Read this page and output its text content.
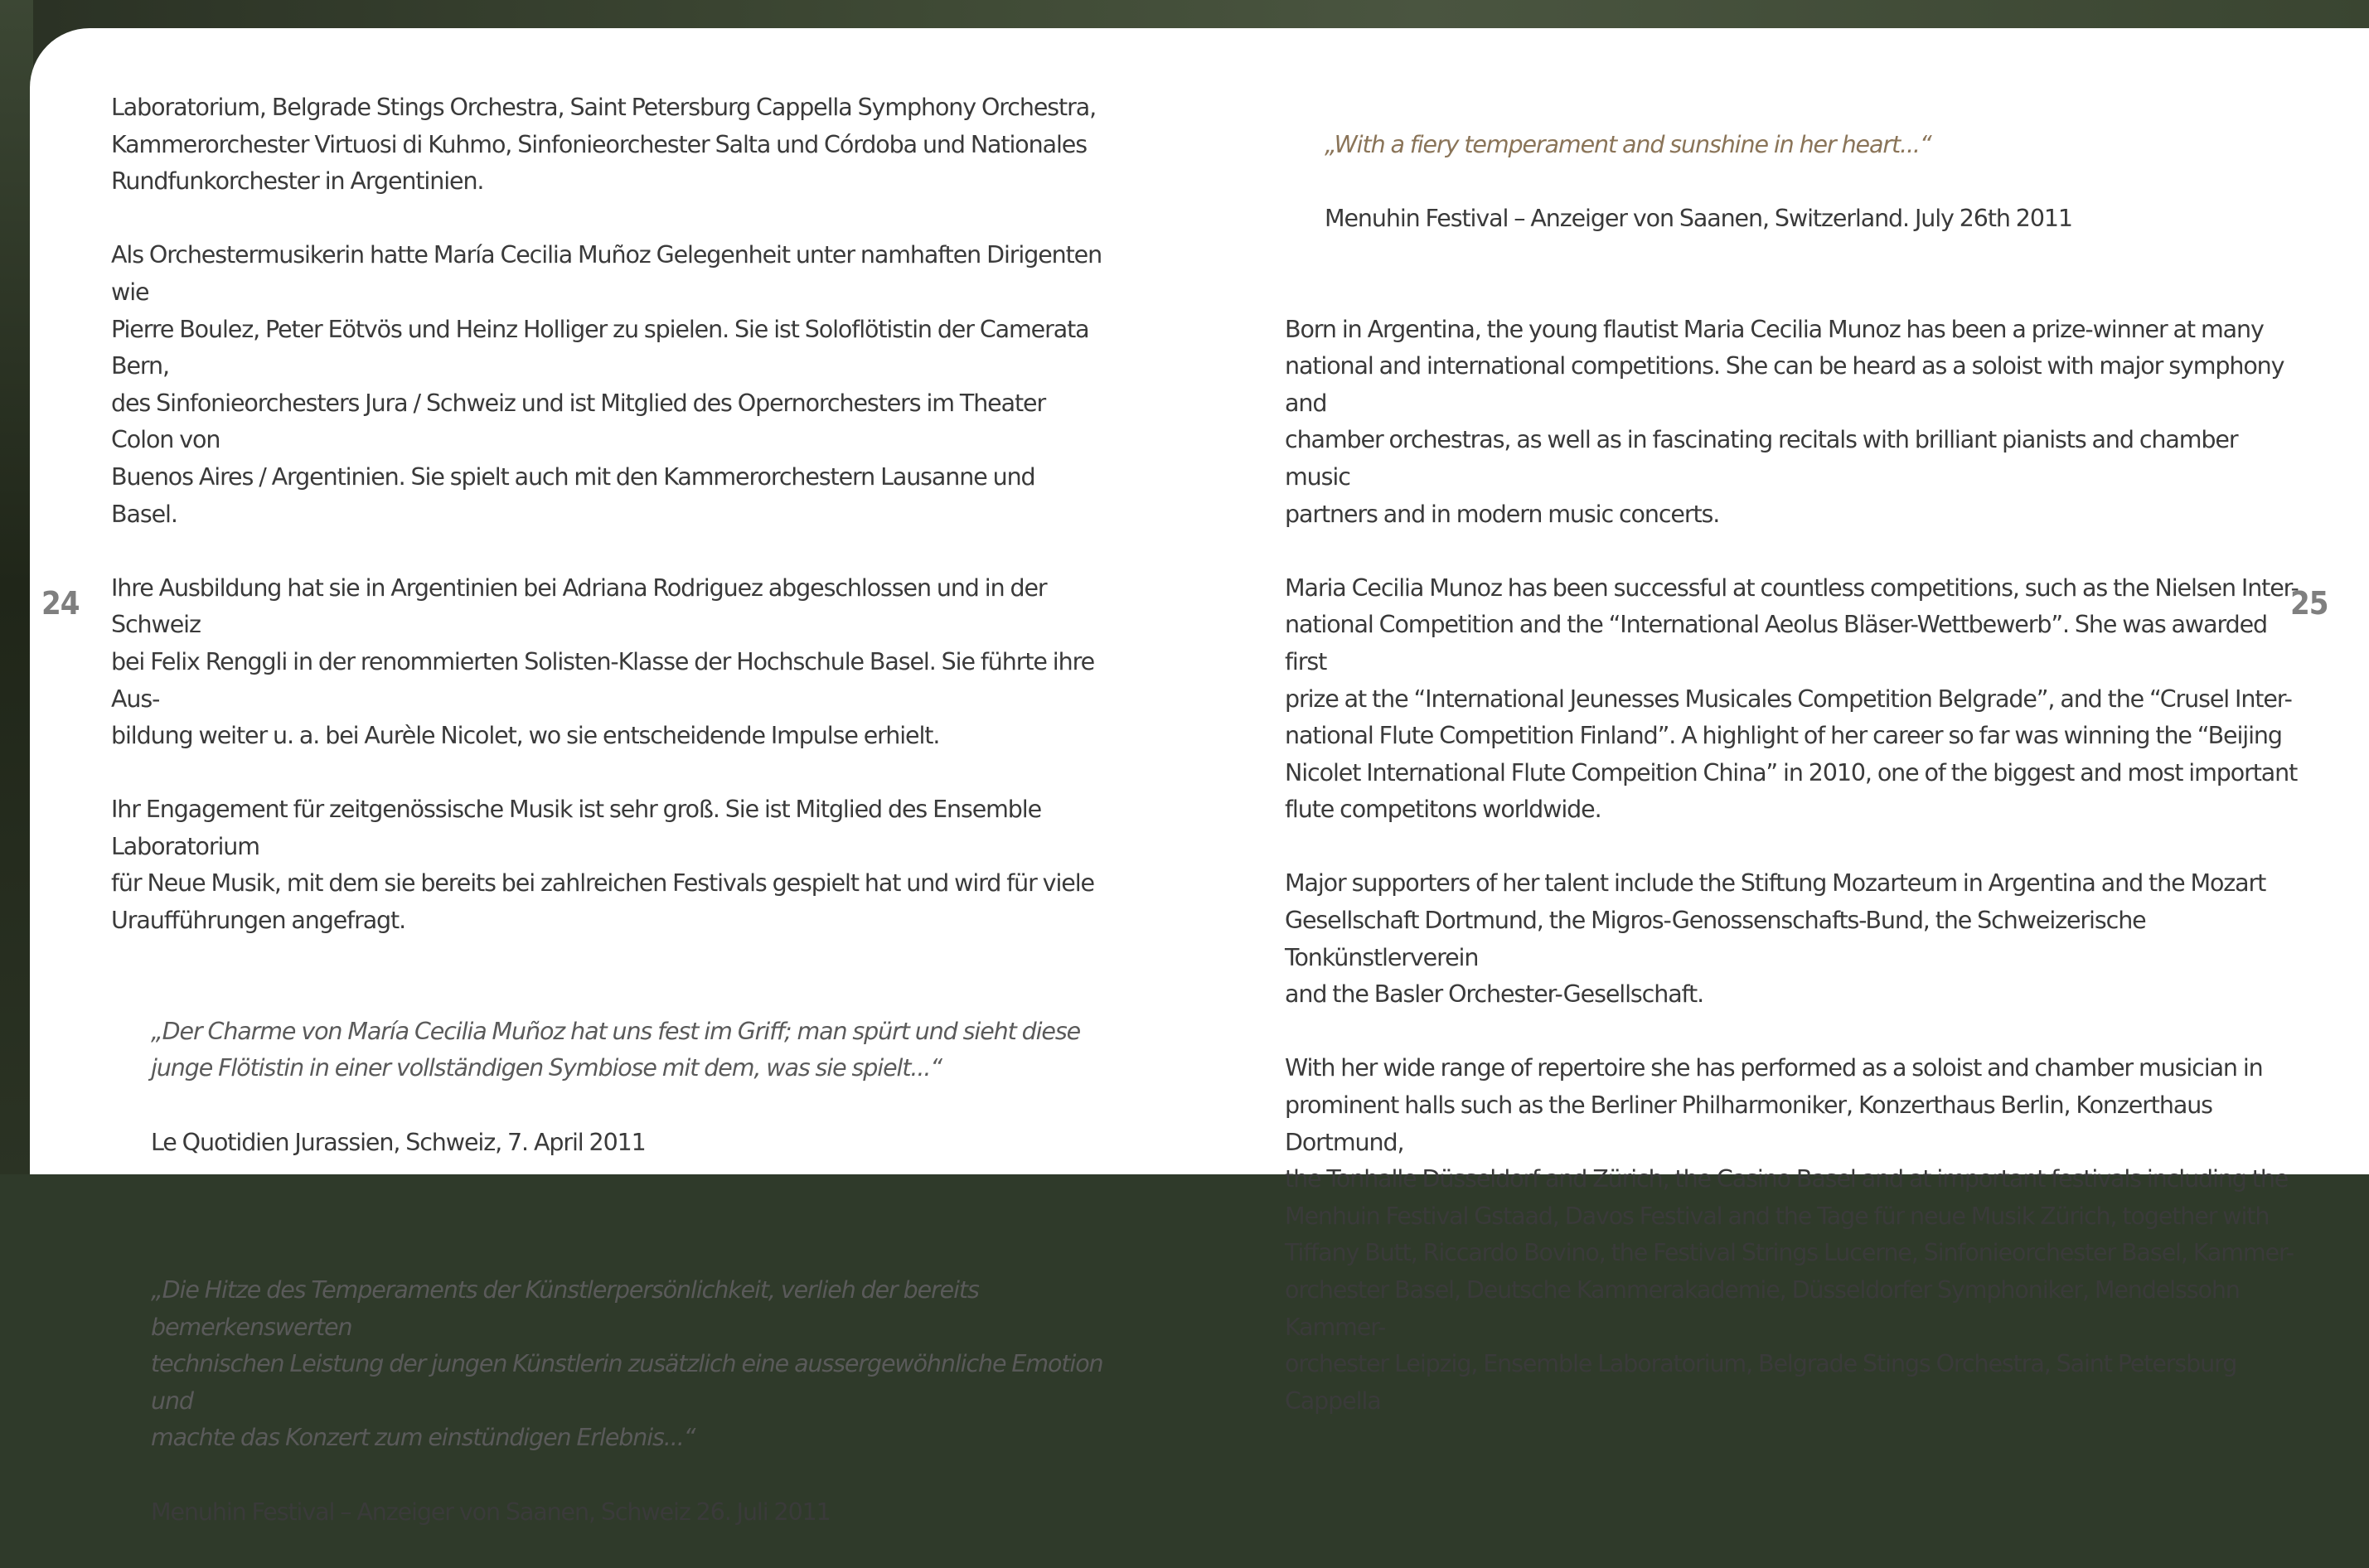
24	25

Laboratorium, Belgrade Stings Orchestra, Saint Petersburg Cappella Symphony Orchestra,
Kammerorchester Virtuosi di Kuhmo, Sinfonieorchester Salta und Córdoba und Nationales
Rundfunkorchester in Argentinien.

Als Orchestermusikerin hatte María Cecilia Muñoz Gelegenheit unter namhaften Dirigenten wie
Pierre Boulez, Peter Eötvös und Heinz Holliger zu spielen. Sie ist Soloflötistin der Camerata Bern,
des Sinfonieorchesters Jura / Schweiz und ist Mitglied des Opernorchesters im Theater Colon von
Buenos Aires / Argentinien. Sie spielt auch mit den Kammerorchestern Lausanne und Basel.

Ihre Ausbildung hat sie in Argentinien bei Adriana Rodriguez abgeschlossen und in der Schweiz
bei Felix Renggli in der renommierten Solisten-Klasse der Hochschule Basel. Sie führte ihre Aus-
bildung weiter u. a. bei Aurèle Nicolet, wo sie entscheidende Impulse erhielt.

Ihr Engagement für zeitgenössische Musik ist sehr groß. Sie ist Mitglied des Ensemble Laboratorium
für Neue Musik, mit dem sie bereits bei zahlreichen Festivals gespielt hat und wird für viele
Uraufführungen angefragt.

„Der Charme von María Cecilia Muñoz hat uns fest im Griff; man spürt und sieht diese
junge Flötistin in einer vollständigen Symbiose mit dem, was sie spielt...“

Le Quotidien Jurassien, Schweiz, 7. April 2011

„Die Hitze des Temperaments der Künstlerpersönlichkeit, verlieh der bereits bemerkenswerten
technischen Leistung der jungen Künstlerin zusätzlich eine aussergewöhnliche Emotion und
machte das Konzert zum einstündigen Erlebnis...“

Menuhin Festival – Anzeiger von Saanen, Schweiz 26. Juli 2011

„With a fiery temperament and sunshine in her heart...“

Menuhin Festival – Anzeiger von Saanen, Switzerland. July 26th 2011

Born in Argentina, the young flautist Maria Cecilia Munoz has been a prize-winner at many
national and international competitions. She can be heard as a soloist with major symphony and
chamber orchestras, as well as in fascinating recitals with brilliant pianists and chamber music
partners and in modern music concerts.

Maria Cecilia Munoz has been successful at countless competitions, such as the Nielsen Inter-
national Competition and the “International Aeolus Bläser-Wettbewerb”. She was awarded first
prize at the “International Jeunesses Musicales Competition Belgrade”, and the “Crusel Inter-
national Flute Competition Finland”. A highlight of her career so far was winning the “Beijing
Nicolet International Flute Compeition China” in 2010, one of the biggest and most important
flute competitons worldwide.

Major supporters of her talent include the Stiftung Mozarteum in Argentina and the Mozart
Gesellschaft Dortmund, the Migros-Genossenschafts-Bund, the Schweizerische Tonkünstlerverein
and the Basler Orchester-Gesellschaft.

With her wide range of repertoire she has performed as a soloist and chamber musician in
prominent halls such as the Berliner Philharmoniker, Konzerthaus Berlin, Konzerthaus Dortmund,
the Tonhalle Düsseldorf and Zürich, the Casino Basel and at important festivals including the
Menhuin Festival Gstaad, Davos Festival and the Tage für neue Musik Zürich, together with
Tiffany Butt, Riccardo Bovino, the Festival Strings Lucerne, Sinfonieorchester Basel, Kammer-
orchester Basel, Deutsche Kammerakademie, Düsseldorfer Symphoniker, Mendelssohn Kammer-
orchester Leipzig, Ensemble Laboratorium, Belgrade Stings Orchestra, Saint Petersburg Cappella
